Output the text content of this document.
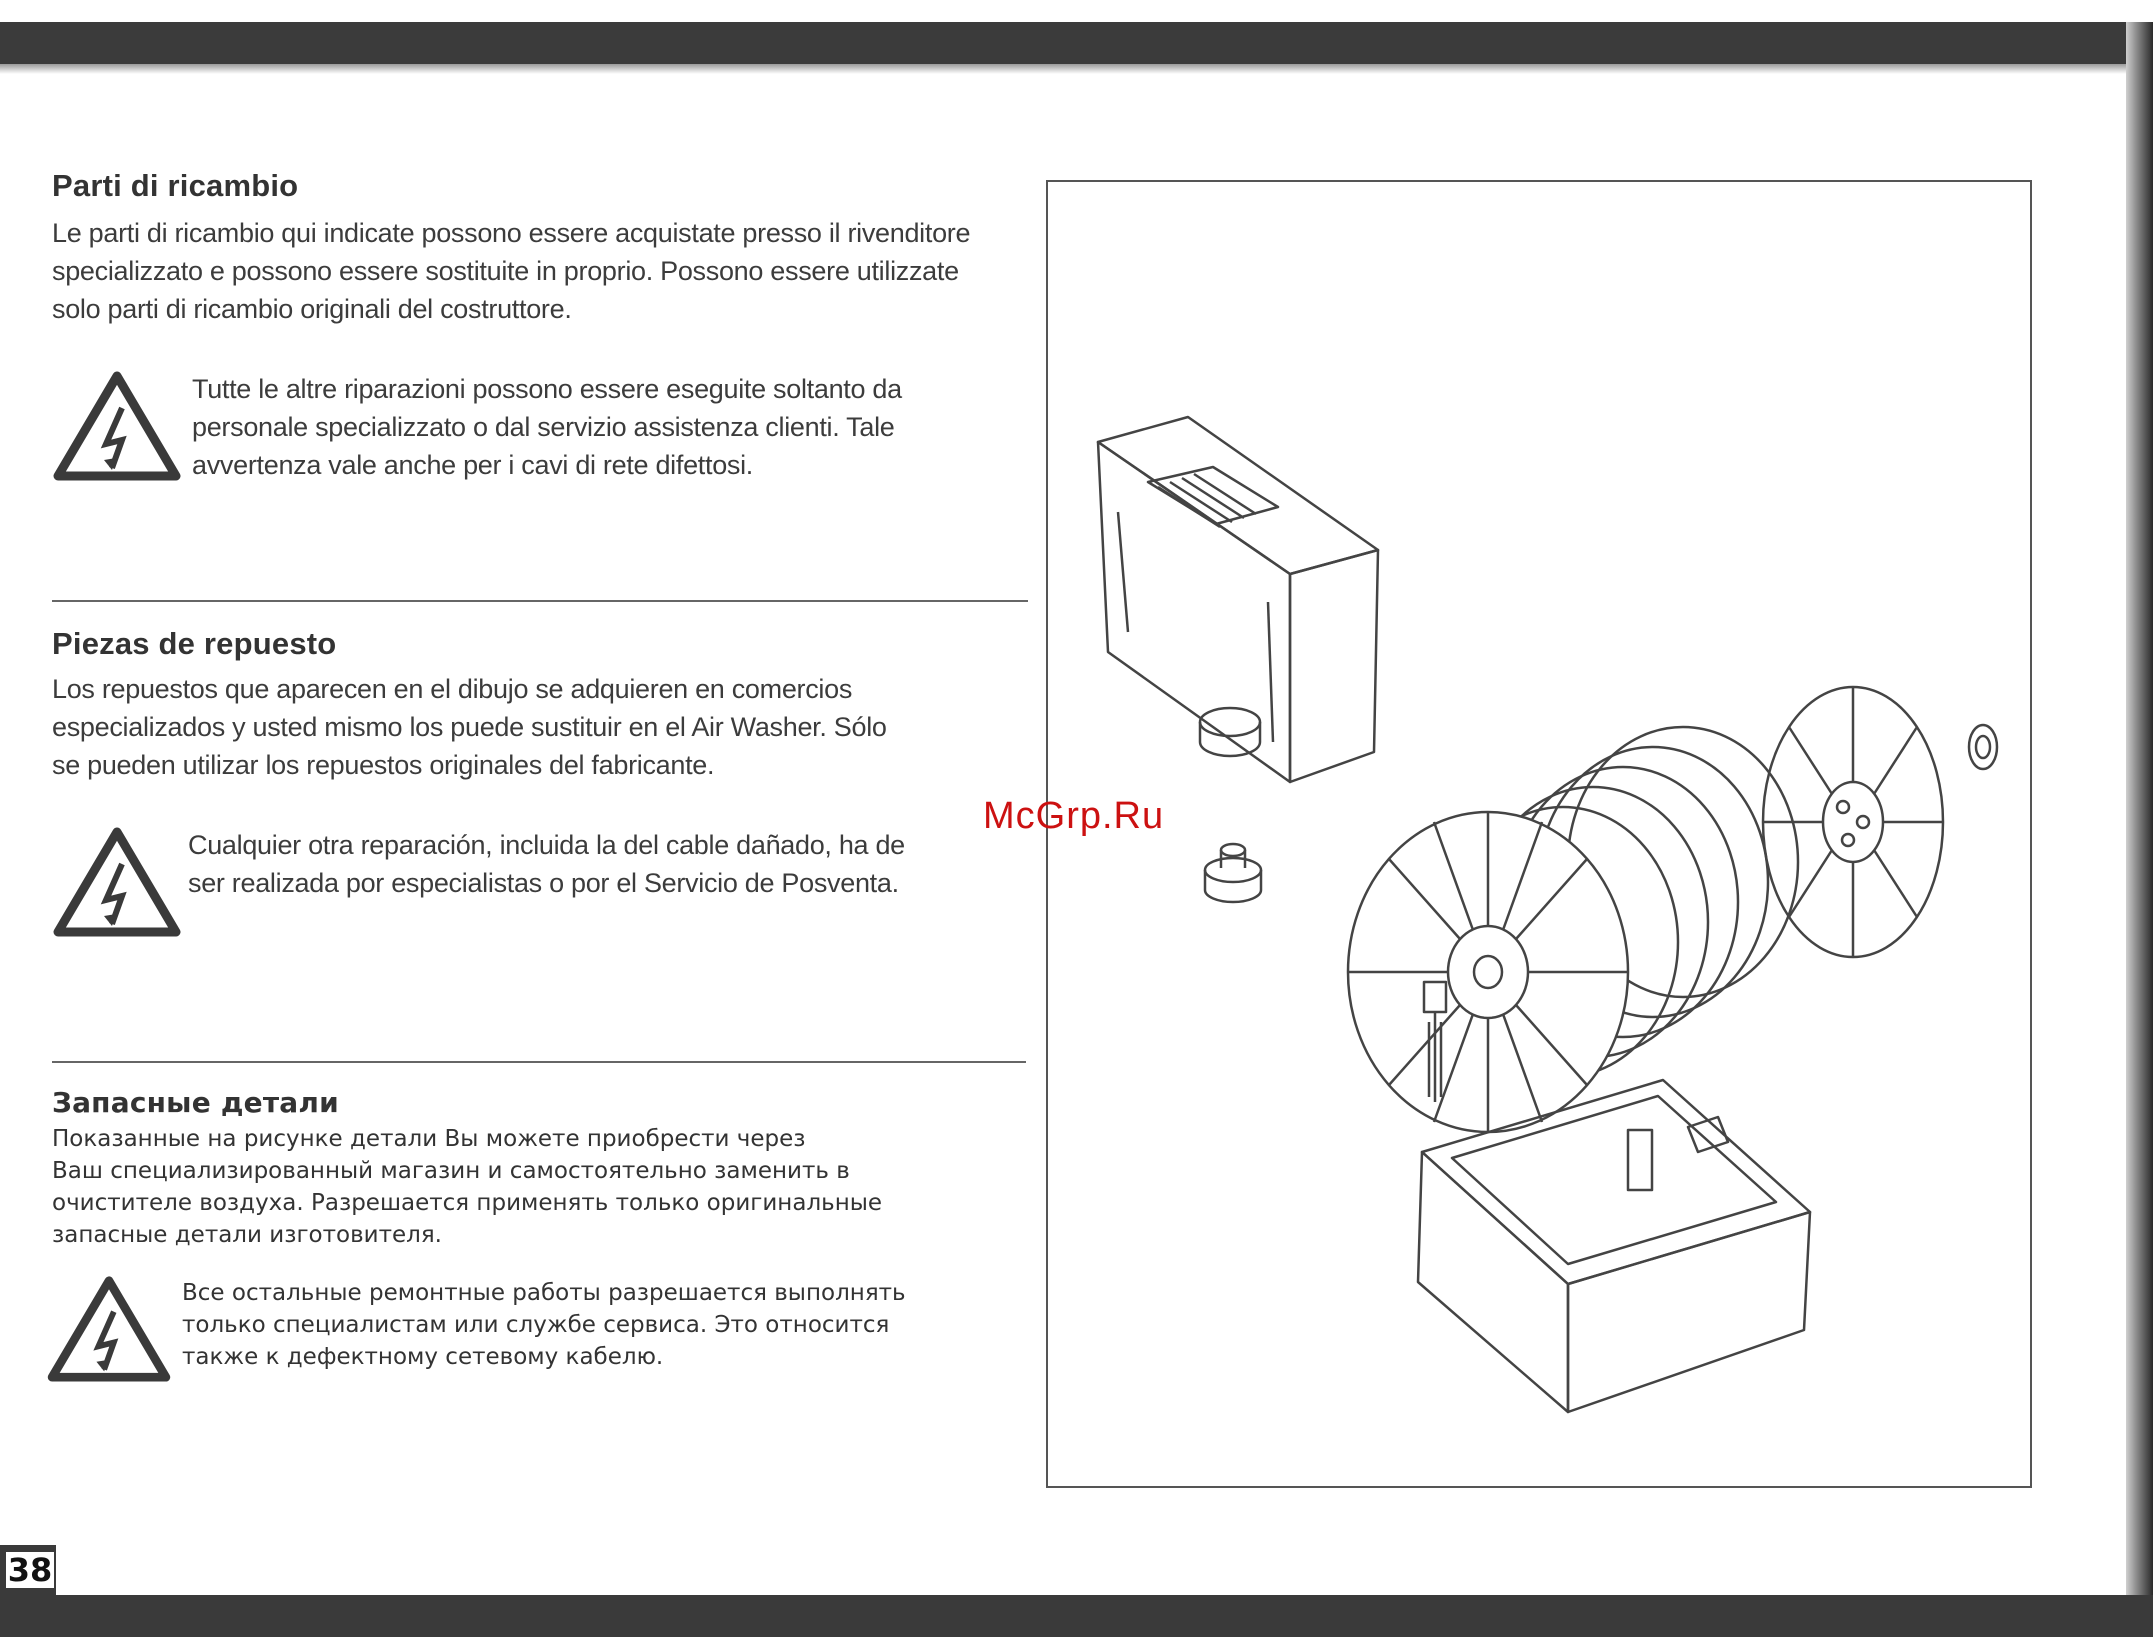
Parti di ricambio
Le parti di ricambio qui indicate possono essere acquistate presso il rivenditore
specializzato e possono essere sostituite in proprio. Possono essere utilizzate
solo parti di ricambio originali del costruttore.
Tutte le altre riparazioni possono essere eseguite soltanto da
personale specializzato o dal servizio assistenza clienti. Tale
avvertenza vale anche per i cavi di rete difettosi.
Piezas de repuesto
Los repuestos que aparecen en el dibujo se adquieren en comercios
especializados y usted mismo los puede sustituir en el Air Washer. Sólo
se pueden utilizar los repuestos originales del fabricante.
Cualquier otra reparación, incluida la del cable dañado, ha de
ser realizada por especialistas o por el Servicio de Posventa.
Запасные детали
Показанные на рисунке детали Вы можете приобрести через
Ваш специализированный магазин и самостоятельно заменить в
очистителе воздуха. Разрешается применять только оригинальные
запасные детали изготовителя.
Все остальные ремонтные работы разрешается выполнять
только специалистам или службе сервиса. Это относится
также к дефектному сетевому кабелю.
McGrp.Ru
38
